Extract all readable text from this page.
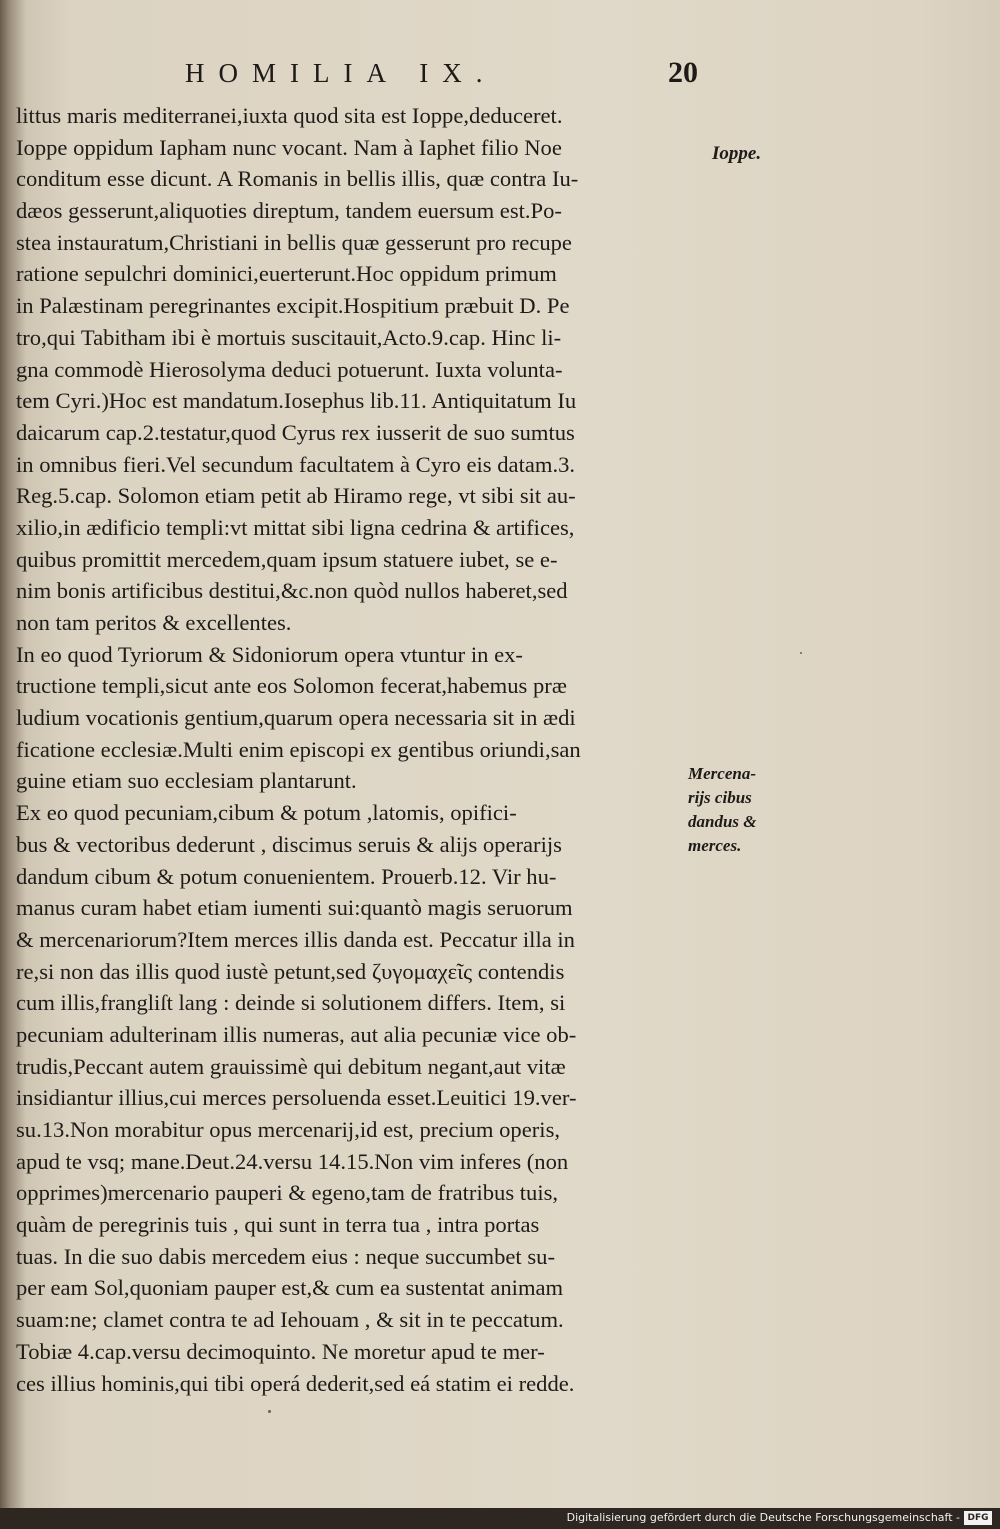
HOMILIA IX.	20
littus maris mediterranei,iuxta quod sita est Ioppe,deduceret.
Ioppe oppidum Iapham nunc vocant. Nam à Iaphet filio Noe
conditum esse dicunt. A Romanis in bellis illis, quæ contra Iu-
dæos gesserunt,aliquoties direptum, tandem euersum est.Po-
stea instauratum,Christiani in bellis quæ gesserunt pro recupe
ratione sepulchri dominici,euerterunt.Hoc oppidum primum
in Palæstinam peregrinantes excipit.Hospitium præbuit D. Pe
tro,qui Tabitham ibi è mortuis suscitauit,Acto.9.cap. Hinc li-
gna commodè Hierosolyma deduci potuerunt. Iuxta volunta-
tem Cyri.)Hoc est mandatum.Iosephus lib.11. Antiquitatum Iu
daicarum cap.2.testatur,quod Cyrus rex iusserit de suo sumtus
in omnibus fieri.Vel secundum facultatem à Cyro eis datam.3.
Reg.5.cap. Solomon etiam petit ab Hiramo rege, vt sibi sit au-
xilio,in ædificio templi:vt mittat sibi ligna cedrina & artifices,
quibus promittit mercedem,quam ipsum statuere iubet, se e-
nim bonis artificibus destitui,&c.non quòd nullos haberet,sed
non tam peritos & excellentes.
In eo quod Tyriorum & Sidoniorum opera vtuntur in ex-
tructione templi,sicut ante eos Solomon fecerat,habemus præ
ludium vocationis gentium,quarum opera necessaria sit in ædi
ficatione ecclesiæ.Multi enim episcopi ex gentibus oriundi,san
guine etiam suo ecclesiam plantarunt.
Ex eo quod pecuniam,cibum & potum ,latomis, opifici-
bus & vectoribus dederunt , discimus seruis & alijs operarijs
dandum cibum & potum conuenientem. Prouerb.12. Vir hu-
manus curam habet etiam iumenti sui:quantò magis seruorum
& mercenariorum?Item merces illis danda est. Peccatur illa in
re,si non das illis quod iustè petunt,sed ζυγομαχεῖς contendis
cum illis,frangliſt lang : deinde si solutionem differs. Item, si
pecuniam adulterinam illis numeras, aut alia pecuniæ vice ob-
trudis,Peccant autem grauissimè qui debitum negant,aut vitæ
insidiantur illius,cui merces persoluenda esset.Leuitici 19.ver-
su.13.Non morabitur opus mercenarij,id est, precium operis,
apud te vsq; mane.Deut.24.versu 14.15.Non vim inferes (non
opprimes)mercenario pauperi & egeno,tam de fratribus tuis,
quàm de peregrinis tuis , qui sunt in terra tua , intra portas
tuas. In die suo dabis mercedem eius : neque succumbet su-
per eam Sol,quoniam pauper est,& cum ea sustentat animam
suam:ne; clamet contra te ad Iehouam , & sit in te peccatum.
Tobiæ 4.cap.versu decimoquinto. Ne moretur apud te mer-
ces illius hominis,qui tibi operá dederit,sed eá statim ei redde.
Ioppe.
Mercena-
rijs cibus
dandus &
merces.
Digitalisierung gefördert durch die Deutsche Forschungsgemeinschaft - DFG
